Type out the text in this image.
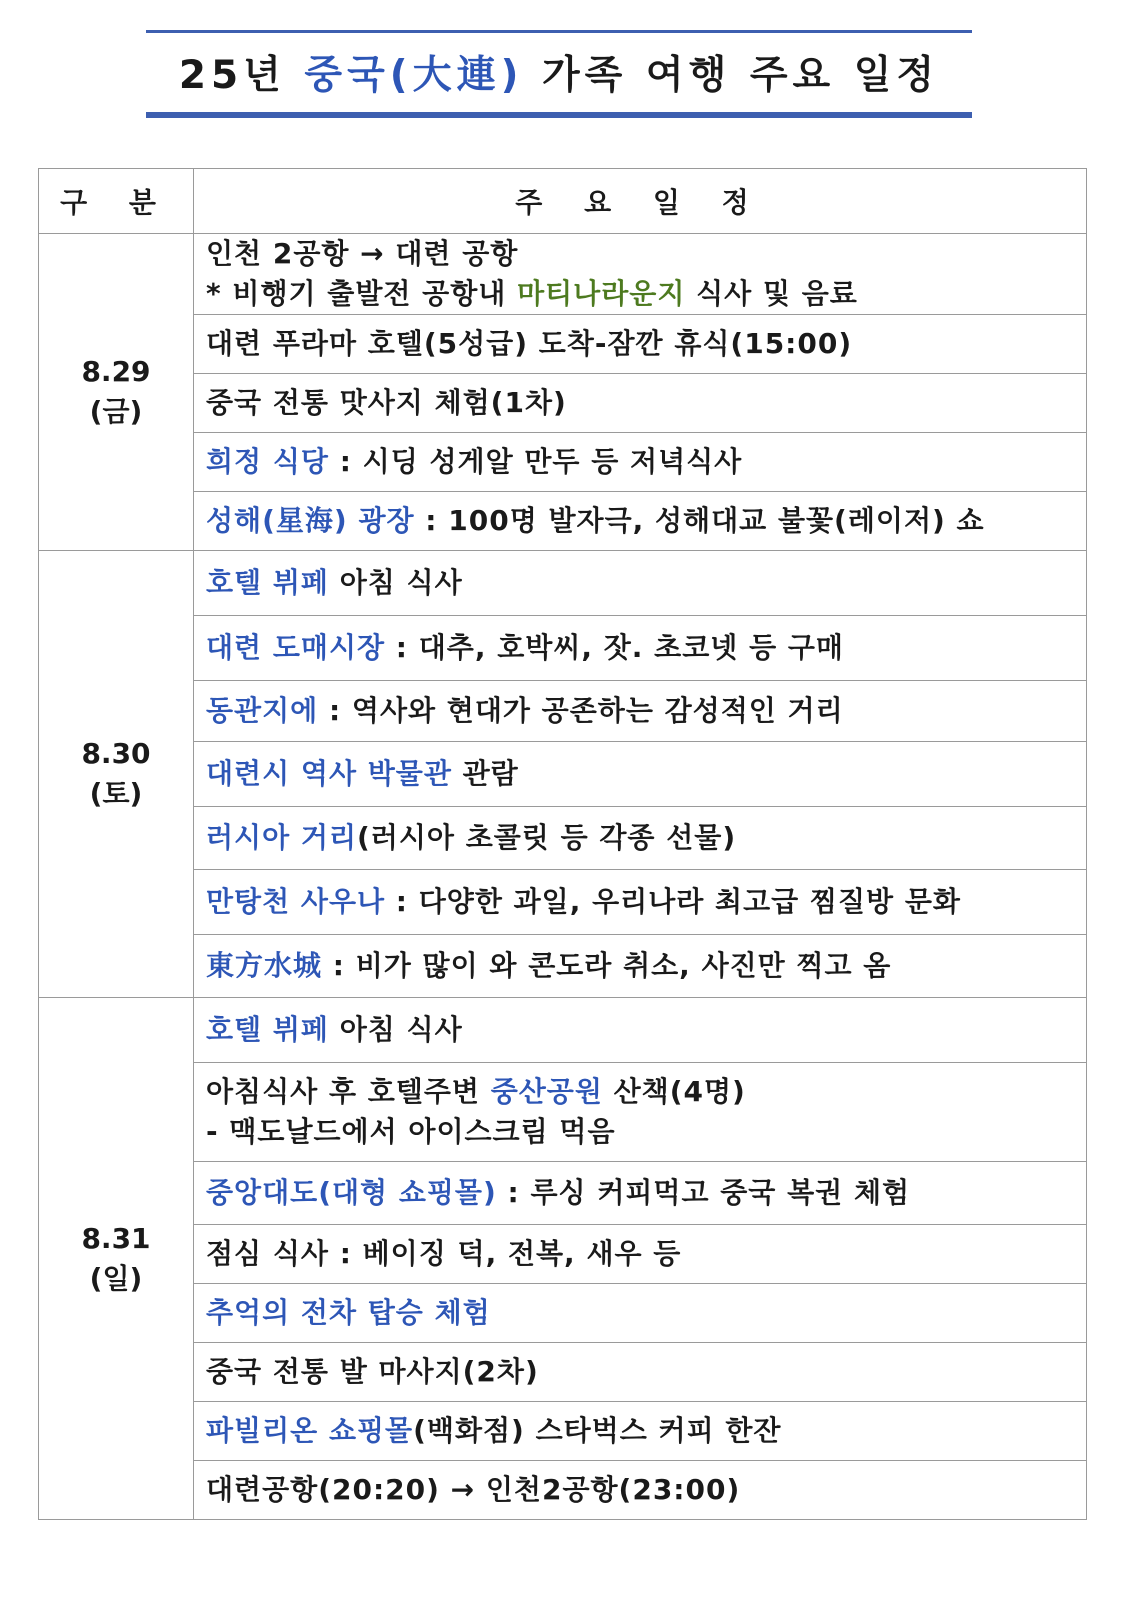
25년 중국(大連) 가족 여행 주요 일정
구 분	주 요 일 정

8.29
(금)	인천 2공항 → 대련 공항
* 비행기 출발전 공항내 마티나라운지 식사 및 음료

	대련 푸라마 호텔(5성급) 도착-잠깐 휴식(15:00)

	중국 전통 맛사지 체험(1차)

	희정 식당 : 시딩 성게알 만두 등 저녁식사

	성해(星海) 광장 : 100명 발자극, 성해대교 불꽃(레이저) 쇼

8.30
(토)	호텔 뷔페 아침 식사

	대련 도매시장 : 대추, 호박씨, 잣. 초코넷 등 구매

	동관지에 : 역사와 현대가 공존하는 감성적인 거리

	대련시 역사 박물관 관람

	러시아 거리(러시아 초콜릿 등 각종 선물)

	만탕천 사우나 : 다양한 과일, 우리나라 최고급 찜질방 문화

	東方水城 : 비가 많이 와 콘도라 취소, 사진만 찍고 옴

8.31
(일)	호텔 뷔페 아침 식사

	아침식사 후 호텔주변 중산공원 산책(4명)
- 맥도날드에서 아이스크림 먹음

	중앙대도(대형 쇼핑몰) : 루싱 커피먹고 중국 복권 체험

	점심 식사 : 베이징 덕, 전복, 새우 등

	추억의 전차 탑승 체험

	중국 전통 발 마사지(2차)

	파빌리온 쇼핑몰(백화점) 스타벅스 커피 한잔

	대련공항(20:20) → 인천2공항(23:00)
